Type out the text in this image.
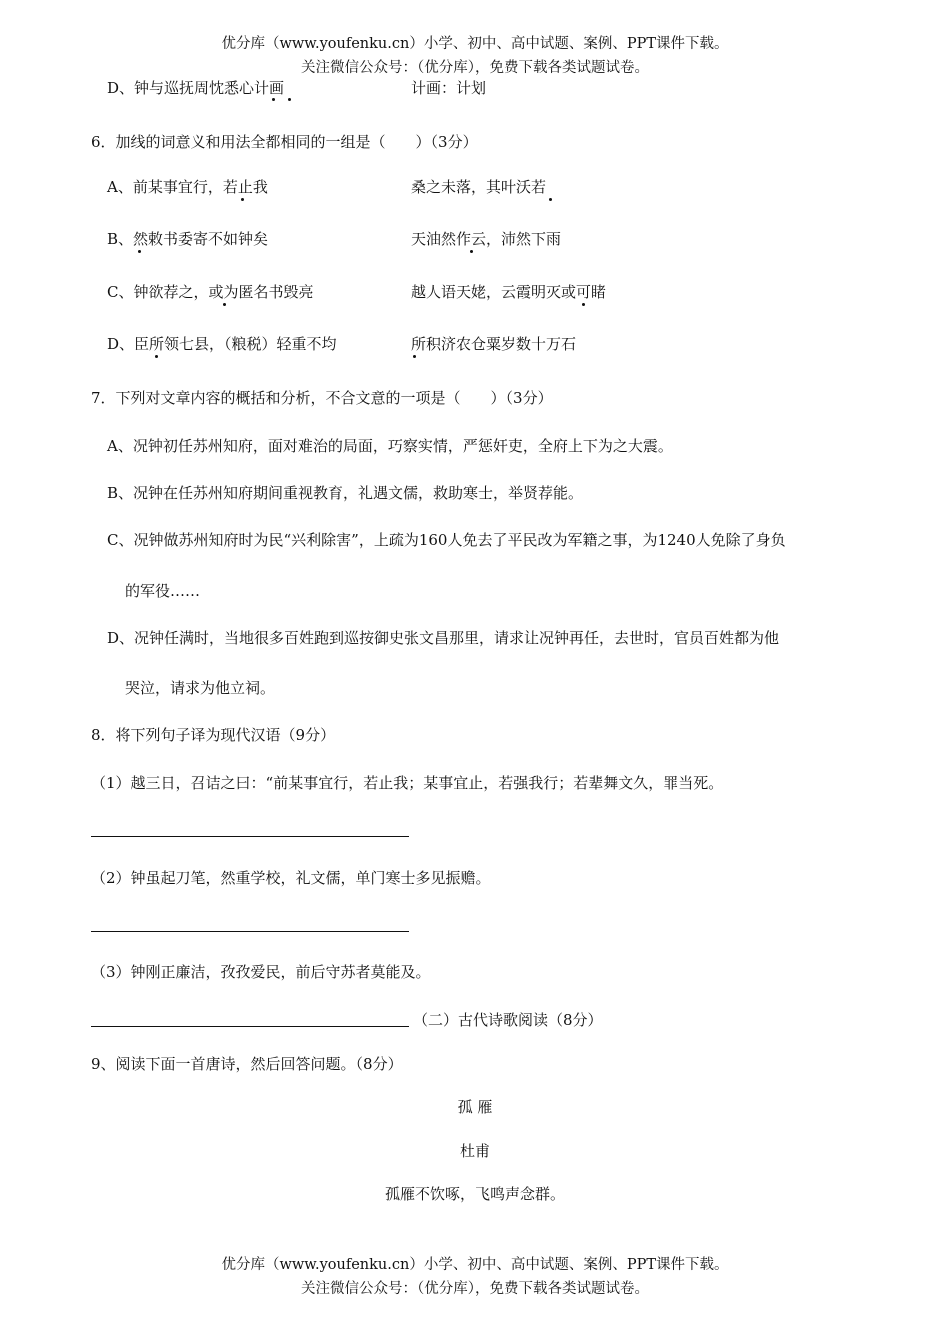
优分库（www.youfenku.cn）小学、初中、高中试题、案例、PPT课件下载。
关注微信公众号：（优分库），免费下载各类试题试卷。
D、钟与巡抚周忱悉心计画	计画：计划
6．加线的词意义和用法全都相同的一组是（　　）（3分）
A、前某事宜行，若止我	桑之未落，其叶沃若
B、然敕书委寄不如钟矣	天油然作云，沛然下雨
C、钟欲荐之，或为匿名书毁亮	越人语天姥，云霞明灭或可睹
D、臣所领七县，（粮税）轻重不均	所积济农仓粟岁数十万石
7．下列对文章内容的概括和分析，不合文意的一项是（　　）（3分）
A、况钟初任苏州知府，面对难治的局面，巧察实情，严惩奸吏，全府上下为之大震。
B、况钟在任苏州知府期间重视教育，礼遇文儒，救助寒士，举贤荐能。
C、况钟做苏州知府时为民“兴利除害”，上疏为160人免去了平民改为军籍之事，为1240人免除了身负
的军役……
D、况钟任满时，当地很多百姓跑到巡按御史张文昌那里，请求让况钟再任，去世时，官员百姓都为他
哭泣，请求为他立祠。
8．将下列句子译为现代汉语（9分）
（1）越三日，召诘之曰：“前某事宜行，若止我；某事宜止，若强我行；若辈舞文久，罪当死。
（2）钟虽起刀笔，然重学校，礼文儒，单门寒士多见振赡。
（3）钟刚正廉洁，孜孜爱民，前后守苏者莫能及。
（二）古代诗歌阅读（8分）
9、阅读下面一首唐诗，然后回答问题。（8分）
孤 雁
杜甫
孤雁不饮啄，飞鸣声念群。
优分库（www.youfenku.cn）小学、初中、高中试题、案例、PPT课件下载。
关注微信公众号：（优分库），免费下载各类试题试卷。
